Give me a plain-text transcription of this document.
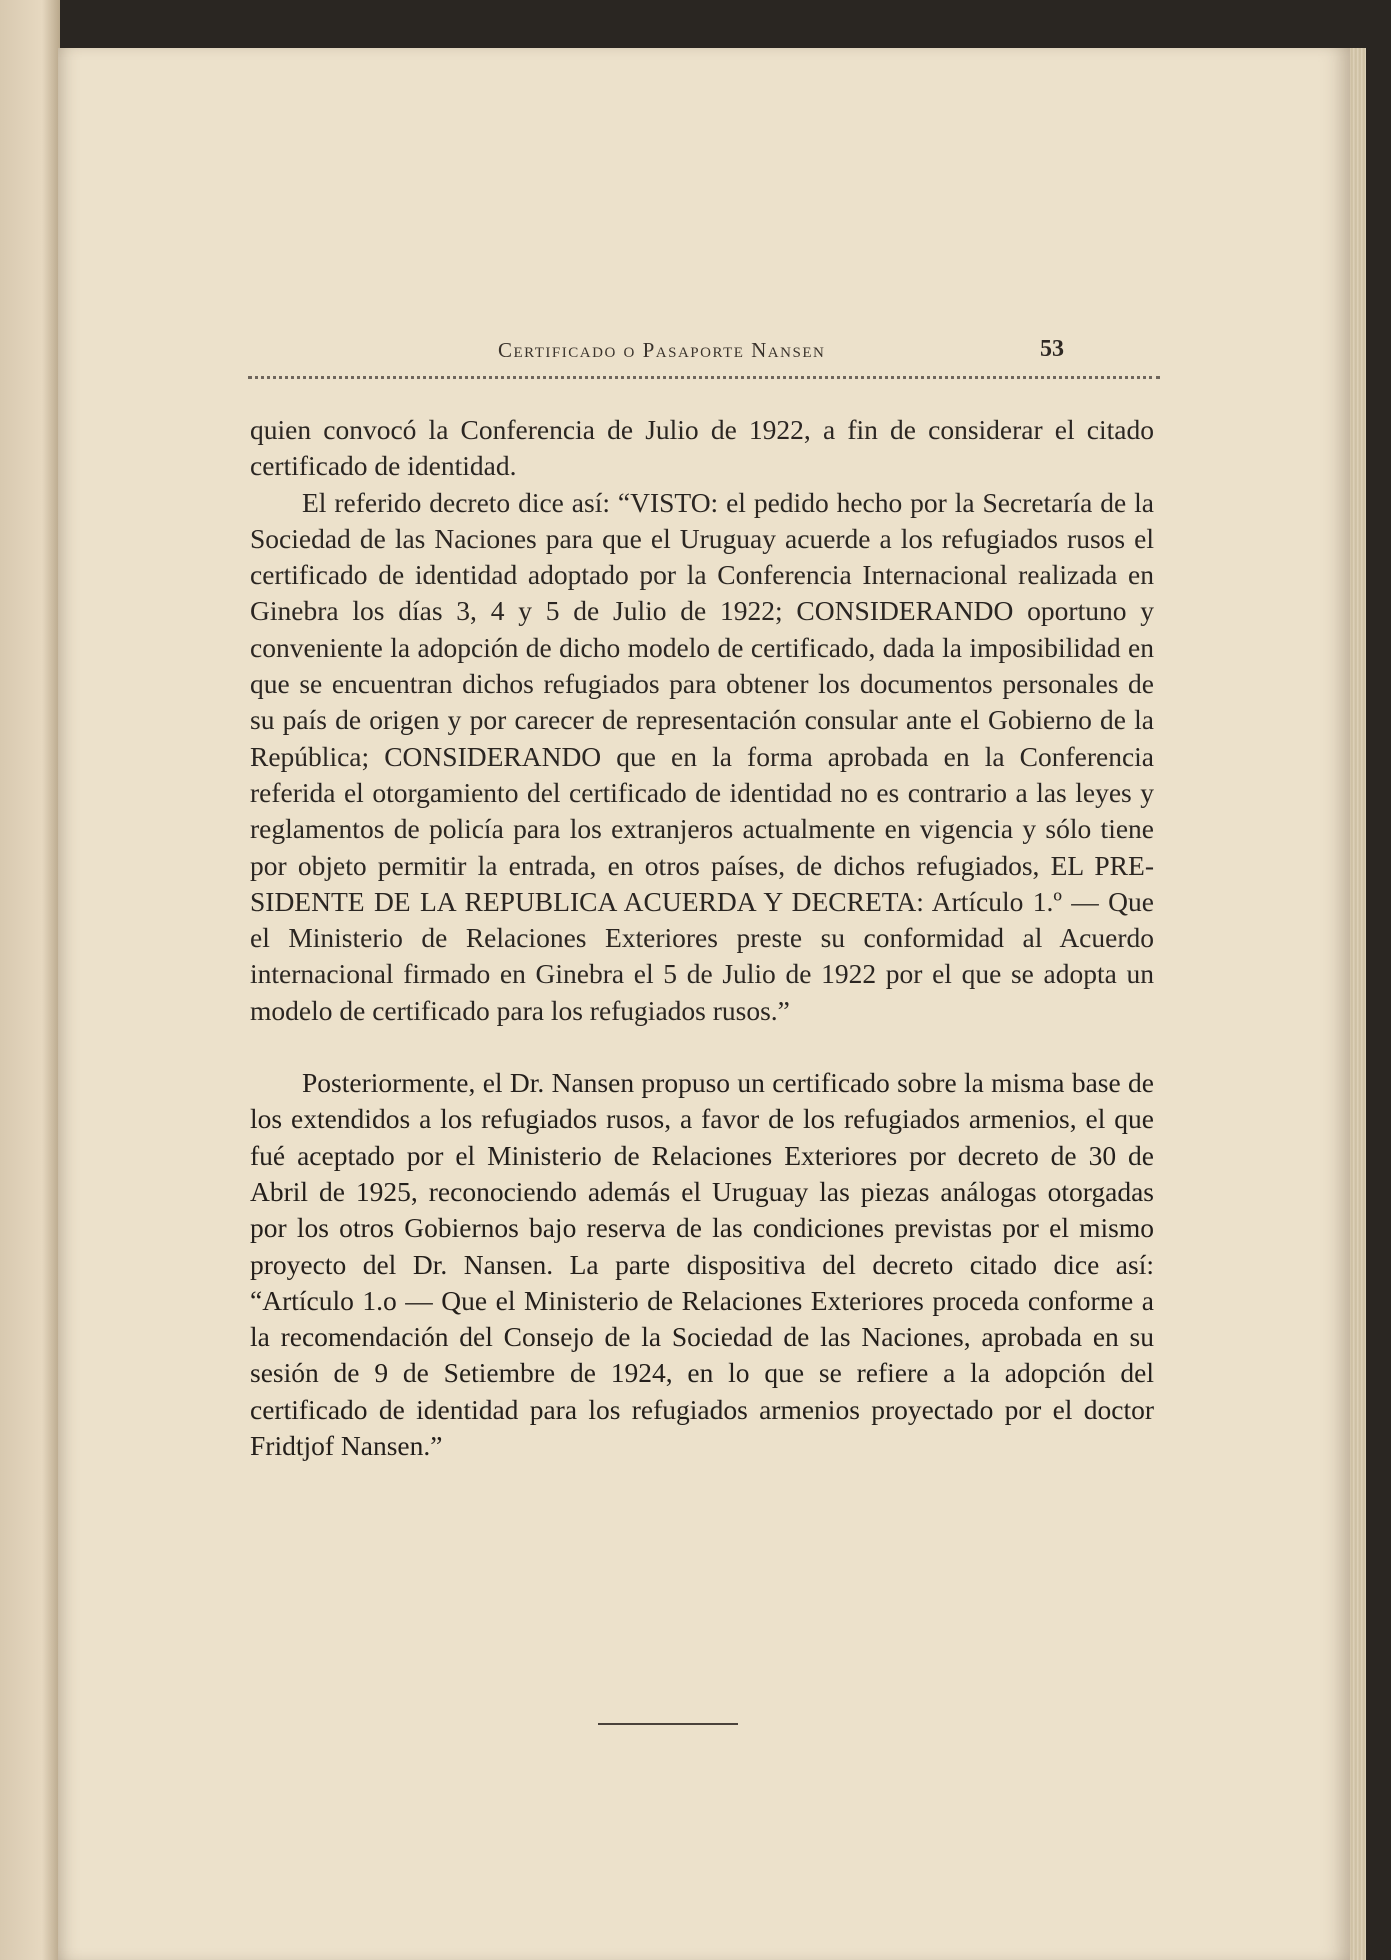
Certificado o Pasaporte Nansen	53

quien convocó la Conferencia de Julio de 1922, a fin de considerar el citado certificado de identidad.

El referido decreto dice así: “VISTO: el pedido hecho por la Secretaría de la Sociedad de las Naciones para que el Uruguay acuerde a los refugiados rusos el certificado de identidad adoptado por la Conferencia Internacional realizada en Ginebra los días 3, 4 y 5 de Julio de 1922; CONSIDERANDO oportuno y conveniente la adopción de dicho modelo de certificado, dada la imposibilidad en que se encuentran dichos refugiados para obtener los documentos personales de su país de origen y por carecer de representación consular ante el Gobierno de la República; CONSIDERANDO que en la forma aprobada en la Conferencia referida el otorgamiento del certificado de identidad no es contrario a las leyes y reglamentos de policía para los extranjeros actualmente en vigencia y sólo tiene por objeto permitir la entrada, en otros países, de dichos refugiados, EL PRESIDENTE DE LA REPUBLICA ACUERDA Y DECRETA: Artículo 1.º — Que el Ministerio de Relaciones Exteriores preste su conformidad al Acuerdo internacional firmado en Ginebra el 5 de Julio de 1922 por el que se adopta un modelo de certificado para los refugiados rusos.”

Posteriormente, el Dr. Nansen propuso un certificado sobre la misma base de los extendidos a los refugiados rusos, a favor de los refugiados armenios, el que fué aceptado por el Ministerio de Relaciones Exteriores por decreto de 30 de Abril de 1925, reconociendo además el Uruguay las piezas análogas otorgadas por los otros Gobiernos bajo reserva de las condiciones previstas por el mismo proyecto del Dr. Nansen. La parte dispositiva del decreto citado dice así: “Artículo 1.o — Que el Ministerio de Relaciones Exteriores proceda conforme a la recomendación del Consejo de la Sociedad de las Naciones, aprobada en su sesión de 9 de Setiembre de 1924, en lo que se refiere a la adopción del certificado de identidad para los refugiados armenios proyectado por el doctor Fridtjof Nansen.”
